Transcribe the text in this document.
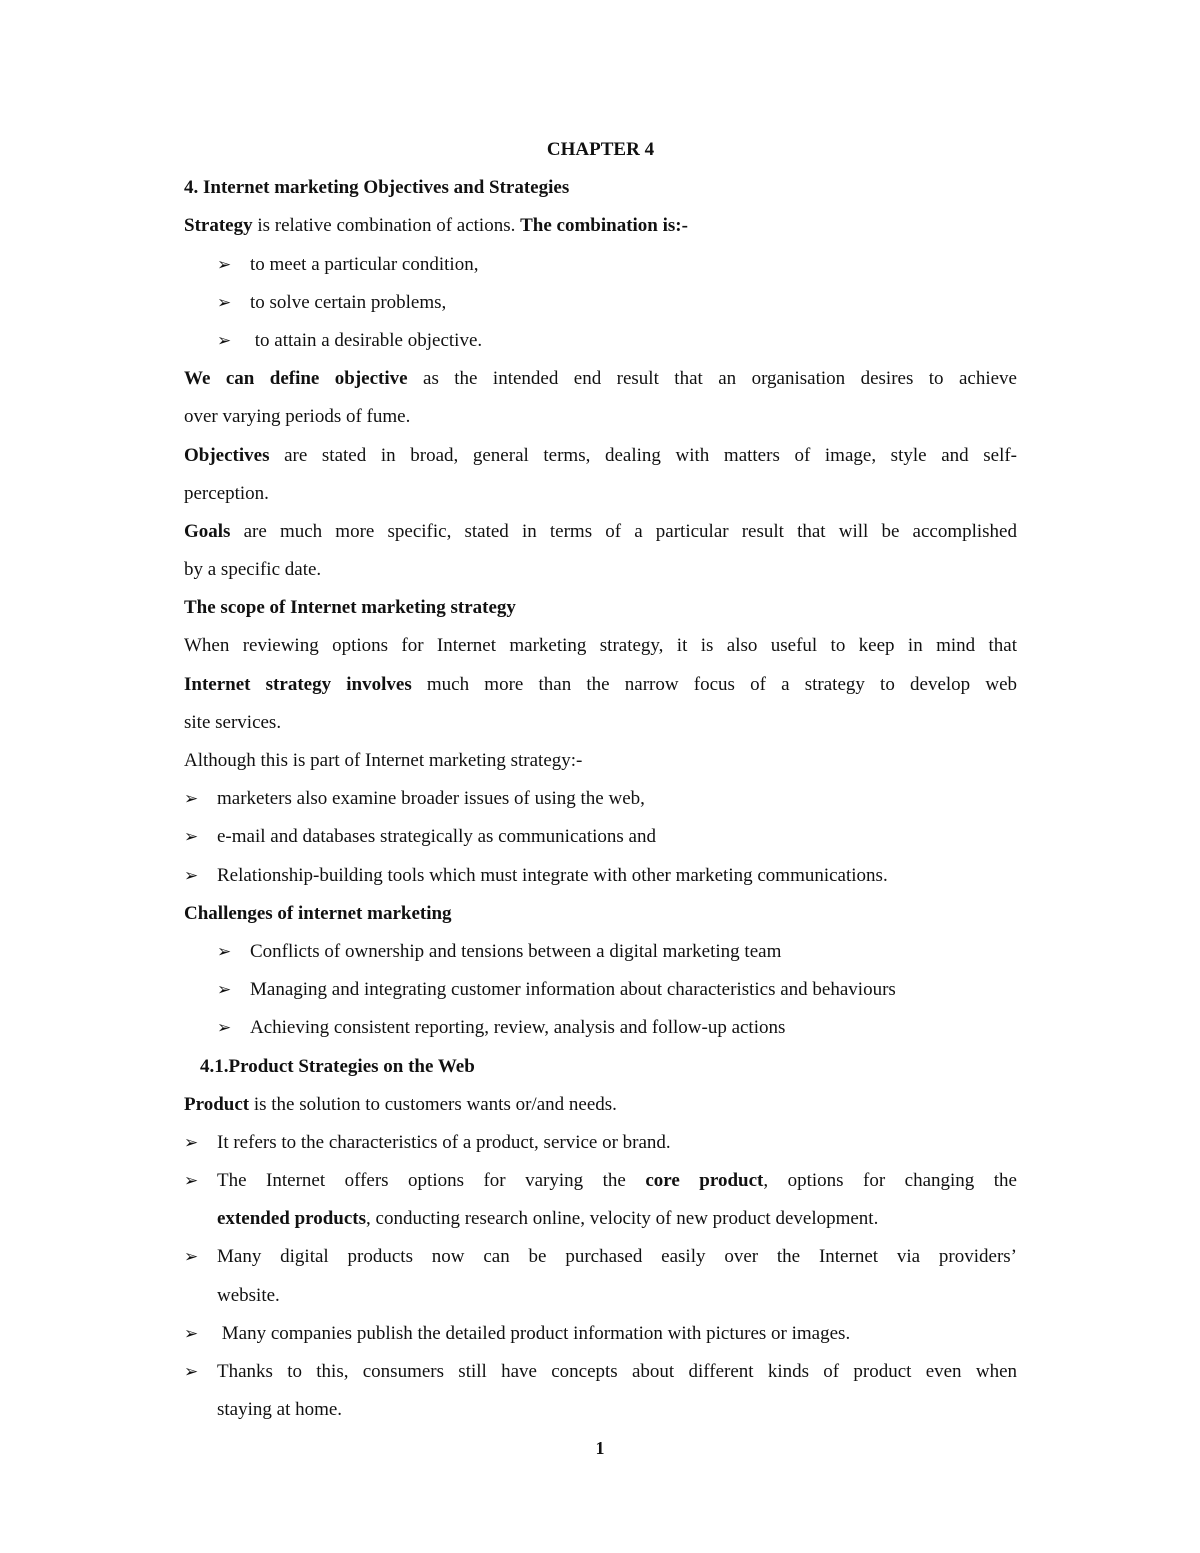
CHAPTER 4
4. Internet marketing Objectives and Strategies
Strategy is relative combination of actions. The combination is:-
➢ to meet a particular condition,
➢ to solve certain problems,
➢ to attain a desirable objective.
We can define objective as the intended end result that an organisation desires to achieve
over varying periods of fume.
Objectives are stated in broad, general terms, dealing with matters of image, style and self-
perception.
Goals are much more specific, stated in terms of a particular result that will be accomplished
by a specific date.
The scope of Internet marketing strategy
When reviewing options for Internet marketing strategy, it is also useful to keep in mind that
Internet strategy involves much more than the narrow focus of a strategy to develop web
site services.
Although this is part of Internet marketing strategy:-
➢ marketers also examine broader issues of using the web,
➢ e-mail and databases strategically as communications and
➢ Relationship-building tools which must integrate with other marketing communications.
Challenges of internet marketing
➢ Conflicts of ownership and tensions between a digital marketing team
➢ Managing and integrating customer information about characteristics and behaviours
➢ Achieving consistent reporting, review, analysis and follow-up actions
4.1.Product Strategies on the Web
Product is the solution to customers wants or/and needs.
➢ It refers to the characteristics of a product, service or brand.
➢ The Internet offers options for varying the core product, options for changing the
extended products, conducting research online, velocity of new product development.
➢ Many digital products now can be purchased easily over the Internet via providers’
website.
➢ Many companies publish the detailed product information with pictures or images.
➢ Thanks to this, consumers still have concepts about different kinds of product even when
staying at home.
1
